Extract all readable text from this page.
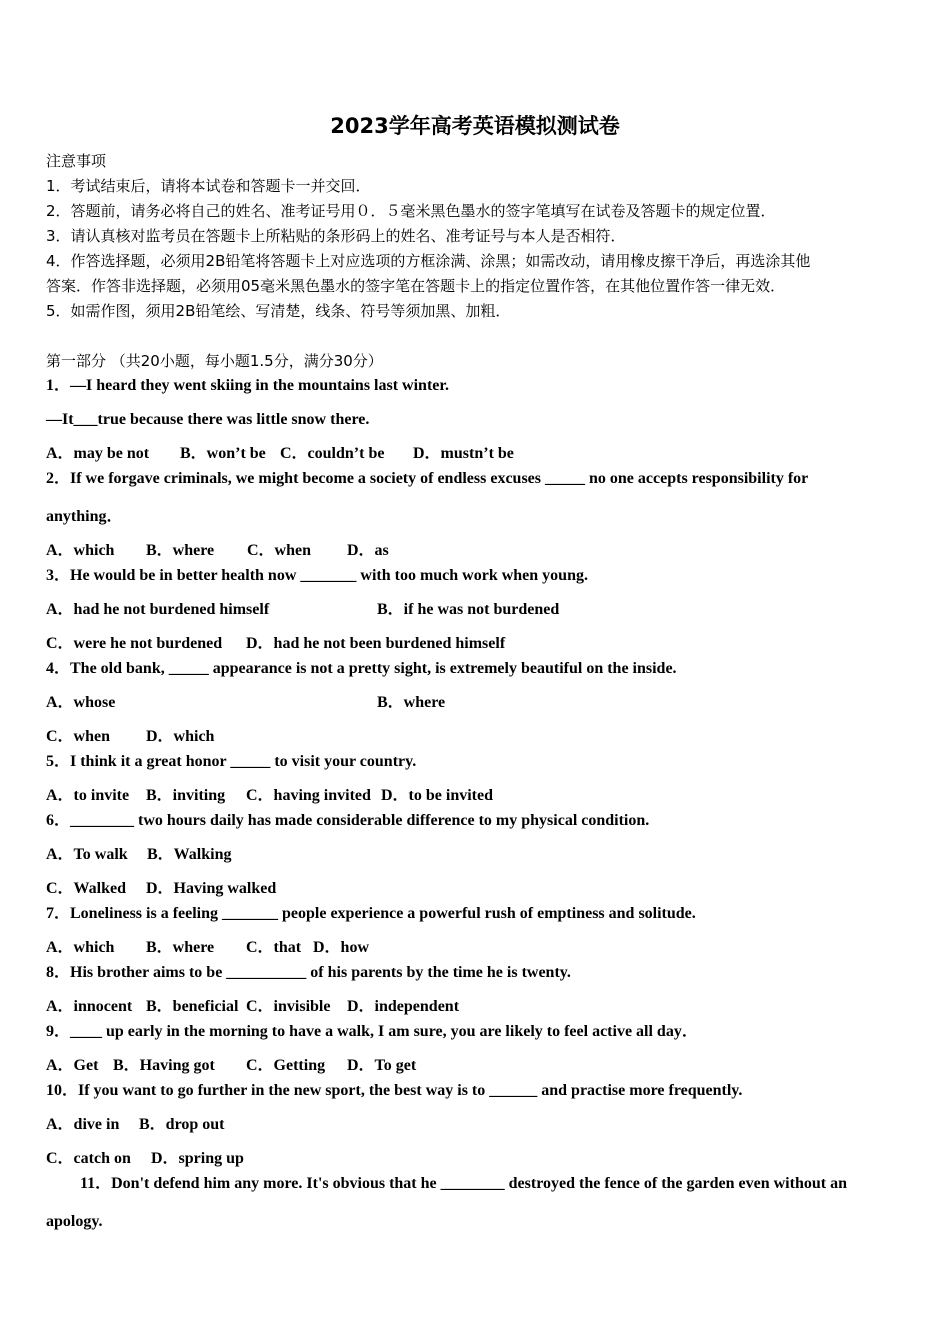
2023学年高考英语模拟测试卷
注意事项
1．考试结束后，请将本试卷和答题卡一并交回．
2．答题前，请务必将自己的姓名、准考证号用０．５毫米黑色墨水的签字笔填写在试卷及答题卡的规定位置．
3．请认真核对监考员在答题卡上所粘贴的条形码上的姓名、准考证号与本人是否相符．
4．作答选择题，必须用2B铅笔将答题卡上对应选项的方框涂满、涂黑；如需改动，请用橡皮擦干净后，再选涂其他
答案．作答非选择题，必须用05毫米黑色墨水的签字笔在答题卡上的指定位置作答，在其他位置作答一律无效．
5．如需作图，须用2B铅笔绘、写清楚，线条、符号等须加黑、加粗．
第一部分 （共20小题，每小题1.5分，满分30分）
1．—I heard they went skiing in the mountains last winter.
—It___true because there was little snow there.
A．may be not B．won’t be C．couldn’t be D．mustn’t be
2．If we forgave criminals, we might become a society of endless excuses _____ no one accepts responsibility for
anything．
A．which B．where C．when D．as
3．He would be in better health now _______ with too much work when young.
A．had he not burdened himself	B．if he was not burdened
C．were he not burdened D．had he not been burdened himself
4．The old bank, _____ appearance is not a pretty sight, is extremely beautiful on the inside.
A．whose	B．where
C．when D．which
5．I think it a great honor _____ to visit your country.
A．to invite B．inviting C．having invited D．to be invited
6．________ two hours daily has made considerable difference to my physical condition.
A．To walk B．Walking
C．Walked D．Having walked
7．Loneliness is a feeling _______ people experience a powerful rush of emptiness and solitude.
A．which B．where C．that D．how
8．His brother aims to be __________ of his parents by the time he is twenty.
A．innocent B．beneficial C．invisible D．independent
9．____ up early in the morning to have a walk, I am sure, you are likely to feel active all day．
A．Get B．Having got C．Getting D．To get
10．If you want to go further in the new sport, the best way is to ______ and practise more frequently.
A．dive in B．drop out
C．catch on D．spring up
11．Don't defend him any more. It's obvious that he ________ destroyed the fence of the garden even without an
apology.
